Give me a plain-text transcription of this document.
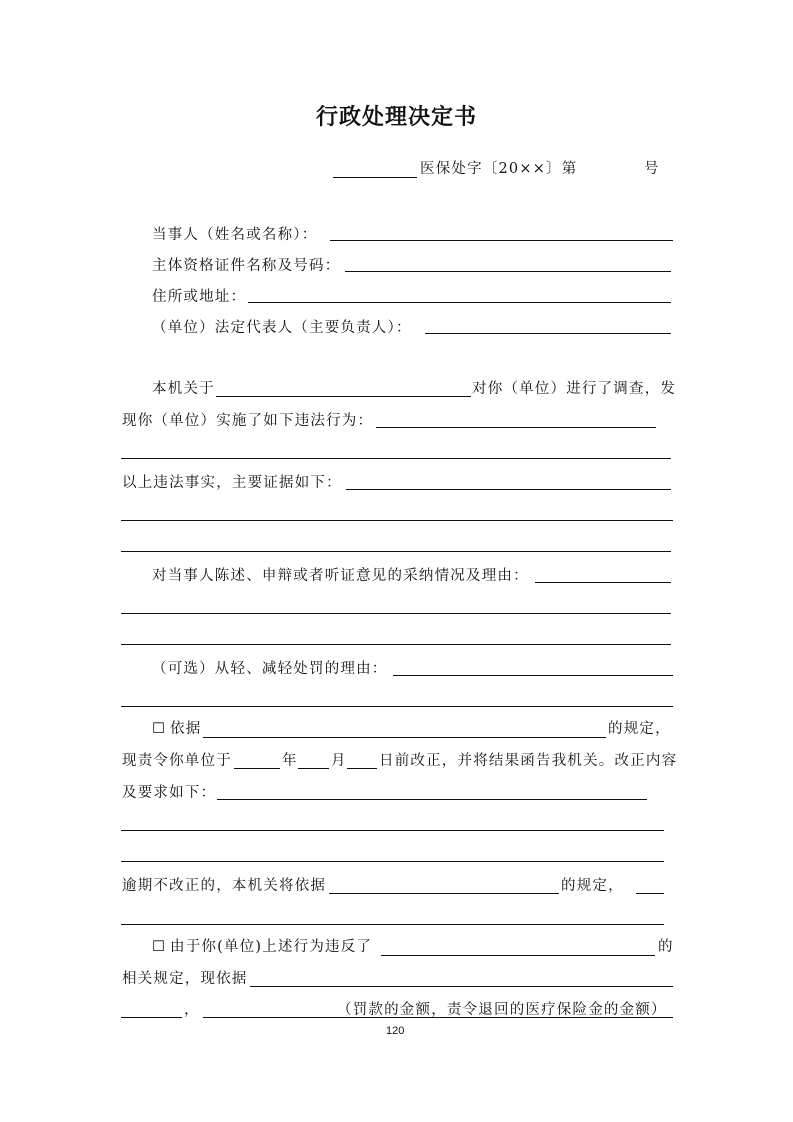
行政处理决定书
医保处字〔20××〕第	号
当事人（姓名或名称）：
主体资格证件名称及号码：
住所或地址：
（单位）法定代表人（主要负责人）：
本机关于	对你（单位）进行了调查，发
现你（单位）实施了如下违法行为：
以上违法事实，主要证据如下：
对当事人陈述、申辩或者听证意见的采纳情况及理由：
（可选）从轻、减轻处罚的理由：
☐ 依据	的规定，
现责令你单位于	年 月 日前改正，并将结果函告我机关。改正内容
及要求如下：
逾期不改正的，本机关将依据	的规定，
☐ 由于你(单位)上述行为违反了	的
相关规定，现依据
，	（罚款的金额，责令退回的医疗保险金的金额）
120
